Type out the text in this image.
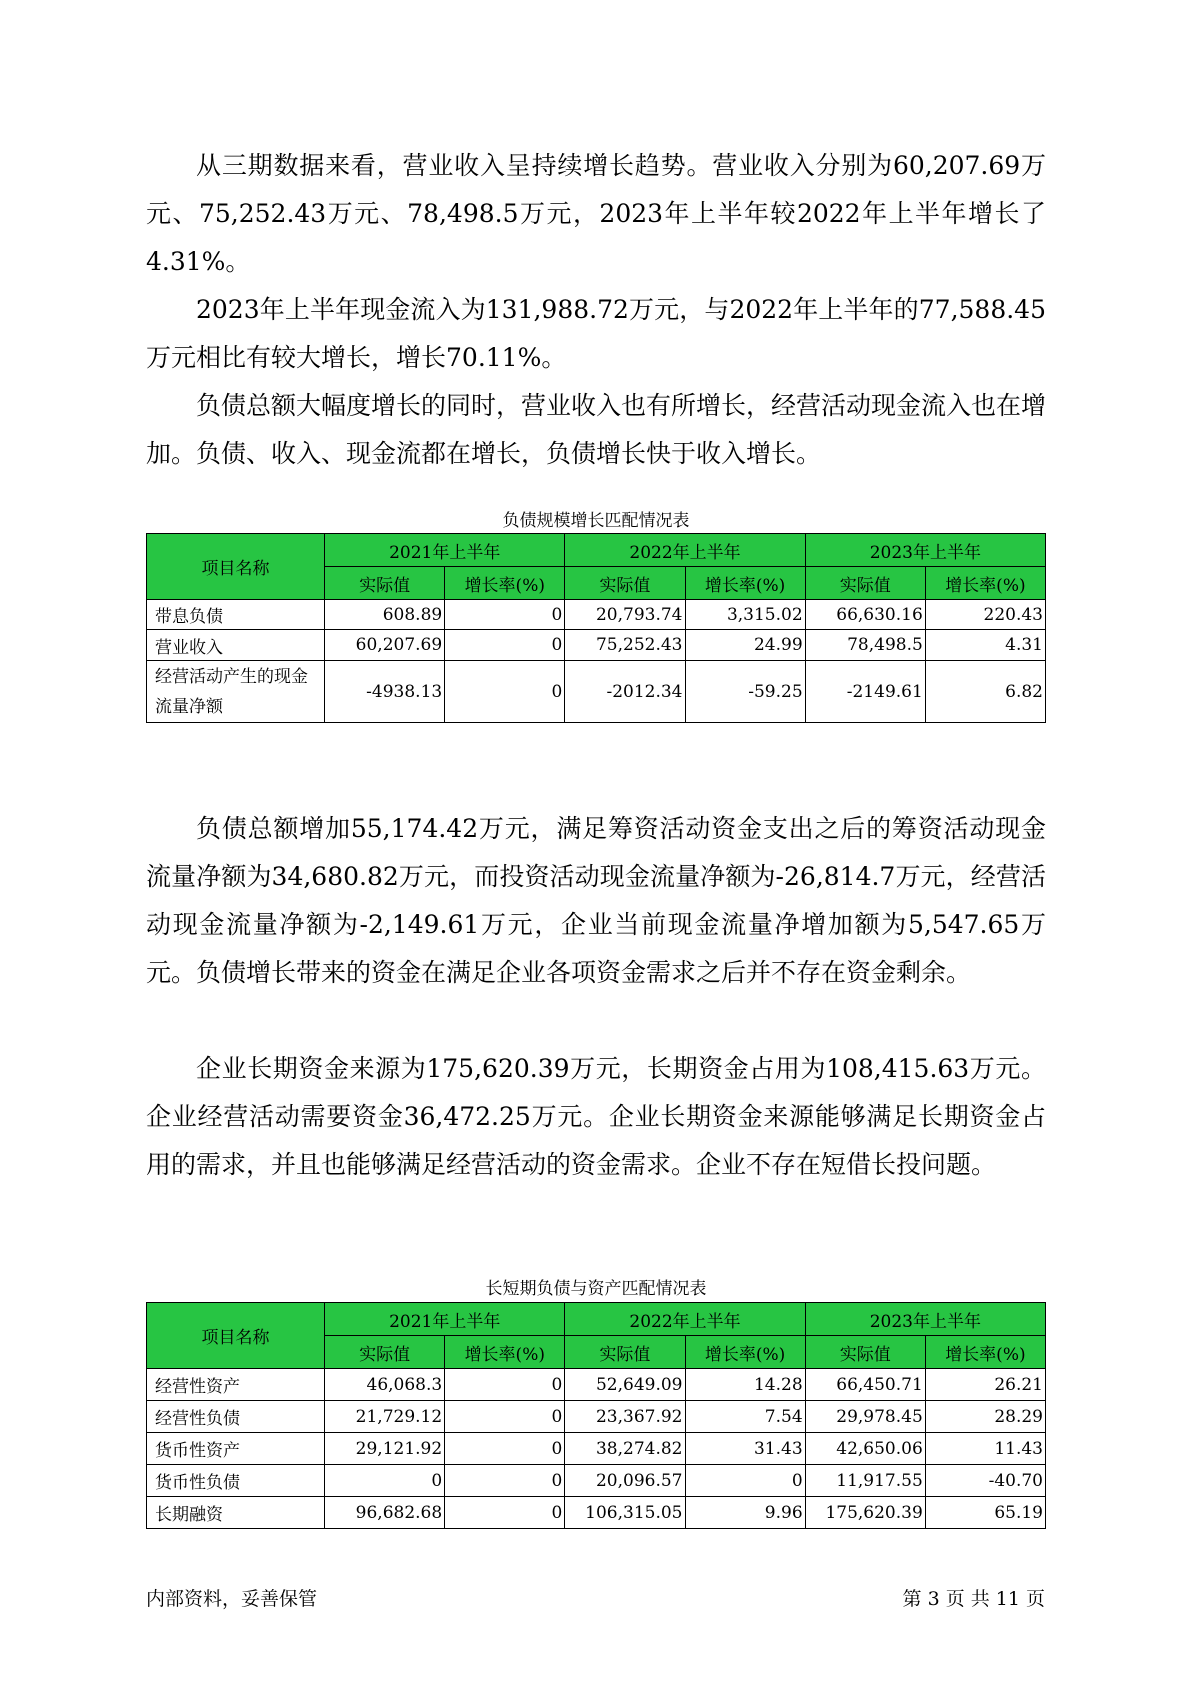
从三期数据来看，营业收入呈持续增长趋势。营业收入分别为60,207.69万元、75,252.43万元、78,498.5万元，2023年上半年较2022年上半年增长了4.31%。

2023年上半年现金流入为131,988.72万元，与2022年上半年的77,588.45万元相比有较大增长，增长70.11%。

负债总额大幅度增长的同时，营业收入也有所增长，经营活动现金流入也在增加。负债、收入、现金流都在增长，负债增长快于收入增长。

负债规模增长匹配情况表

项目名称	2021年上半年		2022年上半年		2023年上半年	
	实际值	增长率(%)	实际值	增长率(%)	实际值	增长率(%)
带息负债	608.89	0	20,793.74	3,315.02	66,630.16	220.43
营业收入	60,207.69	0	75,252.43	24.99	78,498.5	4.31
经营活动产生的现金流量净额	-4938.13	0	-2012.34	-59.25	-2149.61	6.82

负债总额增加55,174.42万元，满足筹资活动资金支出之后的筹资活动现金流量净额为34,680.82万元，而投资活动现金流量净额为-26,814.7万元，经营活动现金流量净额为-2,149.61万元，企业当前现金流量净增加额为5,547.65万元。负债增长带来的资金在满足企业各项资金需求之后并不存在资金剩余。

企业长期资金来源为175,620.39万元，长期资金占用为108,415.63万元。企业经营活动需要资金36,472.25万元。企业长期资金来源能够满足长期资金占用的需求，并且也能够满足经营活动的资金需求。企业不存在短借长投问题。

长短期负债与资产匹配情况表

项目名称	2021年上半年		2022年上半年		2023年上半年	
	实际值	增长率(%)	实际值	增长率(%)	实际值	增长率(%)
经营性资产	46,068.3	0	52,649.09	14.28	66,450.71	26.21
经营性负债	21,729.12	0	23,367.92	7.54	29,978.45	28.29
货币性资产	29,121.92	0	38,274.82	31.43	42,650.06	11.43
货币性负债	0	0	20,096.57	0	11,917.55	-40.70
长期融资	96,682.68	0	106,315.05	9.96	175,620.39	65.19
内部资料，妥善保管	第 3 页 共 11 页
